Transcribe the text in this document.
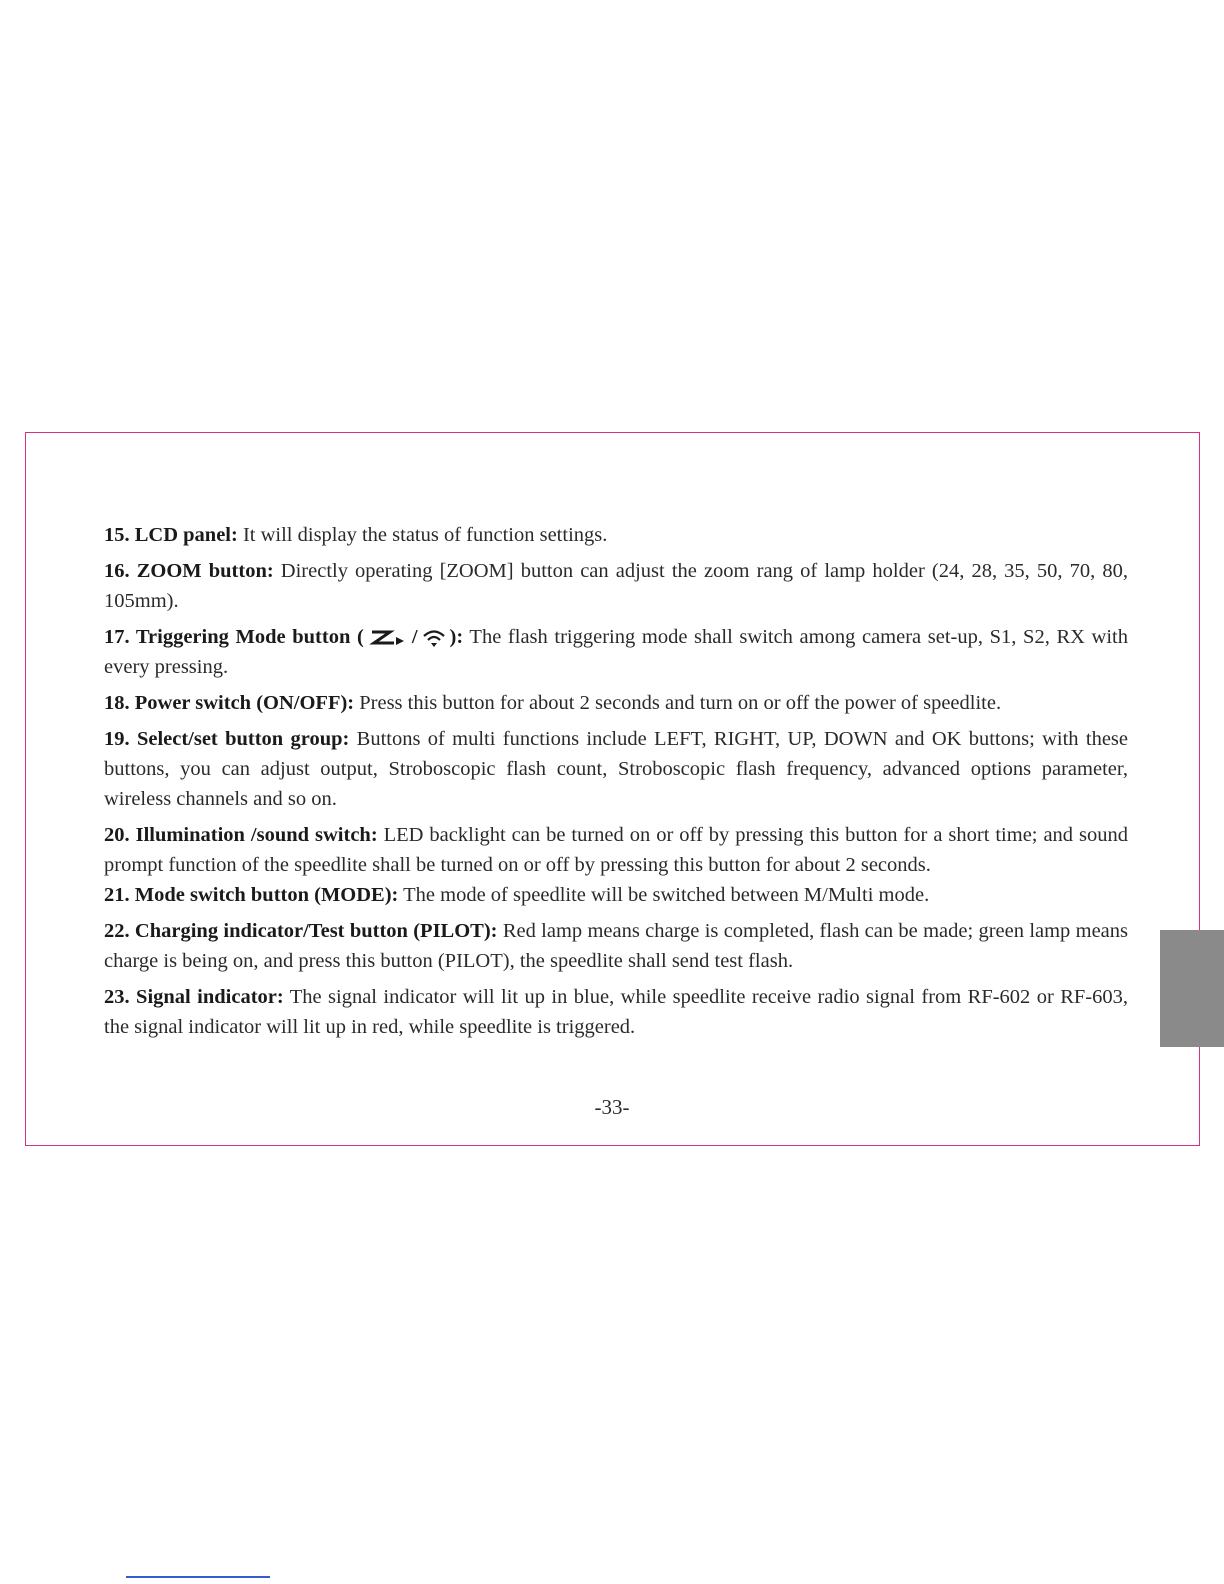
15. LCD panel: It will display the status of function settings.

16. ZOOM button: Directly operating [ZOOM] button can adjust the zoom rang of lamp holder (24, 28, 35, 50, 70, 80, 105mm).

17. Triggering Mode button ( / ): The flash triggering mode shall switch among camera set-up, S1, S2, RX with every pressing.

18. Power switch (ON/OFF): Press this button for about 2 seconds and turn on or off the power of speedlite.

19. Select/set button group: Buttons of multi functions include LEFT, RIGHT, UP, DOWN and OK buttons; with these buttons, you can adjust output, Stroboscopic flash count, Stroboscopic flash frequency, advanced options parameter, wireless channels and so on.

20. Illumination /sound switch: LED backlight can be turned on or off by pressing this button for a short time; and sound prompt function of the speedlite shall be turned on or off by pressing this button for about 2 seconds.

21. Mode switch button (MODE): The mode of speedlite will be switched between M/Multi mode.

22. Charging indicator/Test button (PILOT): Red lamp means charge is completed, flash can be made; green lamp means charge is being on, and press this button (PILOT), the speedlite shall send test flash.

23. Signal indicator: The signal indicator will lit up in blue, while speedlite receive radio signal from RF-602 or RF-603, the signal indicator will lit up in red, while speedlite is triggered.

-33-
